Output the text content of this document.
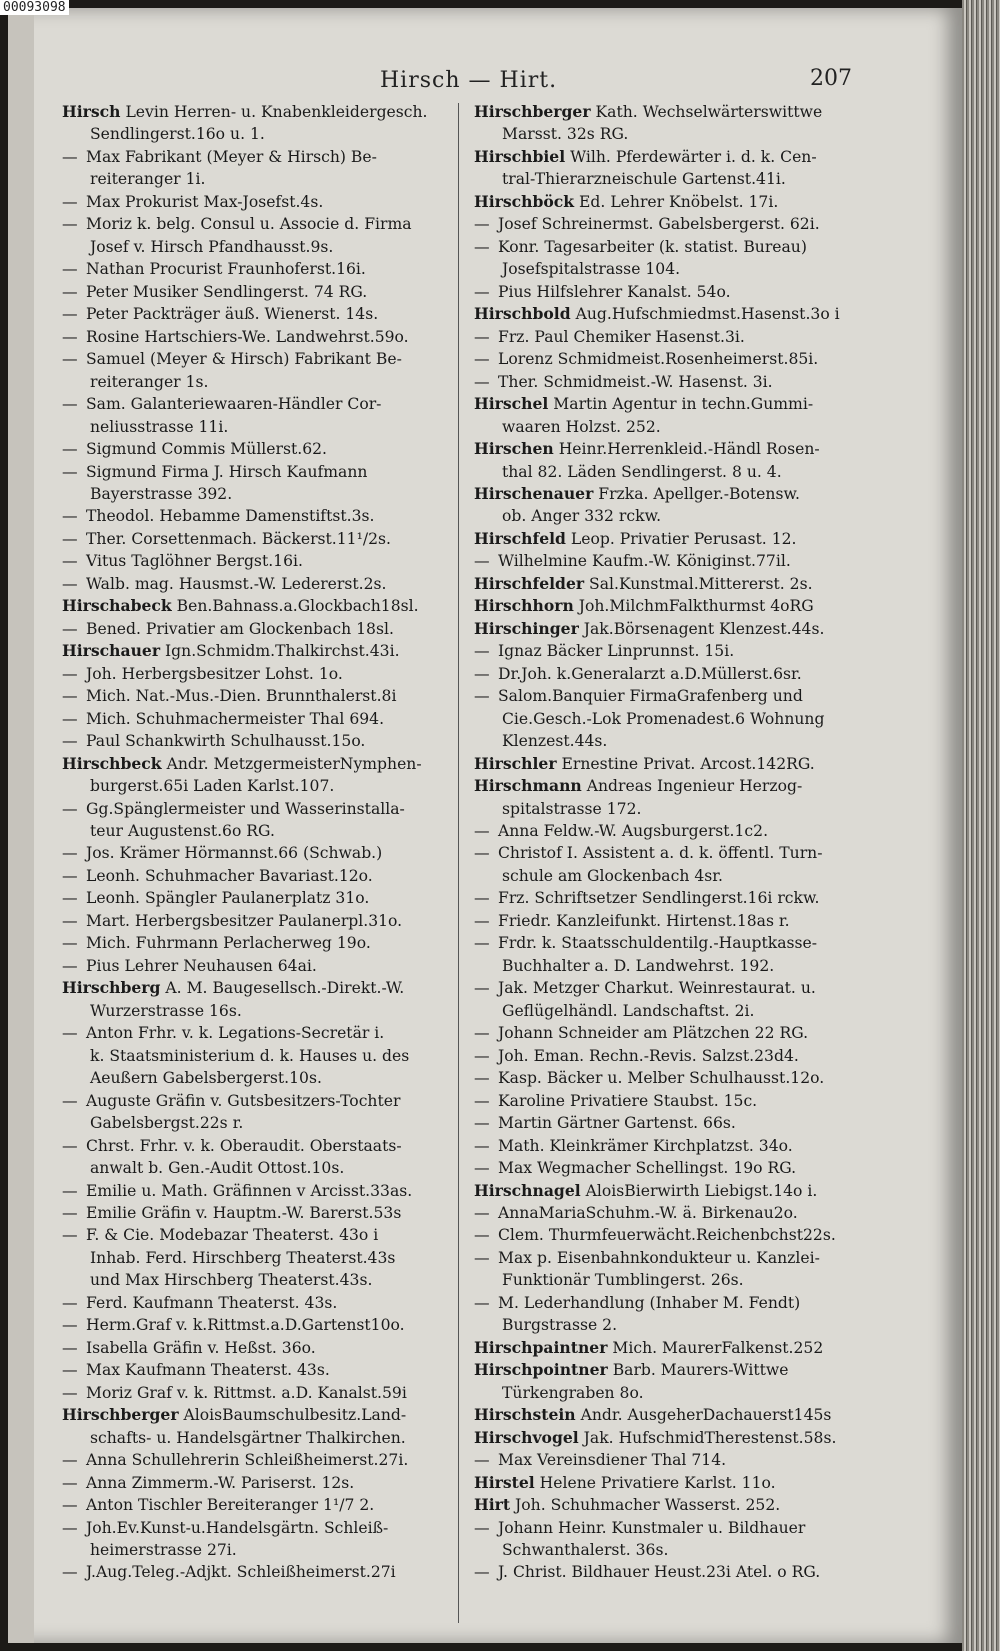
00093098
Hirsch — Hirt.	207
Hirsch Levin Herren- u. Knabenkleidergesch.
Sendlingerst.16o u. 1.
— Max Fabrikant (Meyer & Hirsch) Be-
reiteranger 1i.
— Max Prokurist Max-Josefst.4s.
— Moriz k. belg. Consul u. Associe d. Firma
Josef v. Hirsch Pfandhausst.9s.
— Nathan Procurist Fraunhoferst.16i.
— Peter Musiker Sendlingerst. 74 RG.
— Peter Packträger äuß. Wienerst. 14s.
— Rosine Hartschiers-We. Landwehrst.59o.
— Samuel (Meyer & Hirsch) Fabrikant Be-
reiteranger 1s.
— Sam. Galanteriewaaren-Händler Cor-
neliusstrasse 11i.
— Sigmund Commis Müllerst.62.
— Sigmund Firma J. Hirsch Kaufmann
Bayerstrasse 392.
— Theodol. Hebamme Damenstiftst.3s.
— Ther. Corsettenmach. Bäckerst.11¹/2s.
— Vitus Taglöhner Bergst.16i.
— Walb. mag. Hausmst.-W. Ledererst.2s.
Hirschabeck Ben.Bahnass.a.Glockbach18sl.
— Bened. Privatier am Glockenbach 18sl.
Hirschauer Ign.Schmidm.Thalkirchst.43i.
— Joh. Herbergsbesitzer Lohst. 1o.
— Mich. Nat.-Mus.-Dien. Brunnthalerst.8i
— Mich. Schuhmachermeister Thal 694.
— Paul Schankwirth Schulhausst.15o.
Hirschbeck Andr. MetzgermeisterNymphen-
burgerst.65i Laden Karlst.107.
— Gg.Spänglermeister und Wasserinstalla-
teur Augustenst.6o RG.
— Jos. Krämer Hörmannst.66 (Schwab.)
— Leonh. Schuhmacher Bavariast.12o.
— Leonh. Spängler Paulanerplatz 31o.
— Mart. Herbergsbesitzer Paulanerpl.31o.
— Mich. Fuhrmann Perlacherweg 19o.
— Pius Lehrer Neuhausen 64ai.
Hirschberg A. M. Baugesellsch.-Direkt.-W.
Wurzerstrasse 16s.
— Anton Frhr. v. k. Legations-Secretär i.
k. Staatsministerium d. k. Hauses u. des
Aeußern Gabelsbergerst.10s.
— Auguste Gräfin v. Gutsbesitzers-Tochter
Gabelsbergst.22s r.
— Chrst. Frhr. v. k. Oberaudit. Oberstaats-
anwalt b. Gen.-Audit Ottost.10s.
— Emilie u. Math. Gräfinnen v Arcisst.33as.
— Emilie Gräfin v. Hauptm.-W. Barerst.53s
— F. & Cie. Modebazar Theaterst. 43o i
Inhab. Ferd. Hirschberg Theaterst.43s
und Max Hirschberg Theaterst.43s.
— Ferd. Kaufmann Theaterst. 43s.
— Herm.Graf v. k.Rittmst.a.D.Gartenst10o.
— Isabella Gräfin v. Heßst. 36o.
— Max Kaufmann Theaterst. 43s.
— Moriz Graf v. k. Rittmst. a.D. Kanalst.59i
Hirschberger AloisBaumschulbesitz.Land-
schafts- u. Handelsgärtner Thalkirchen.
— Anna Schullehrerin Schleißheimerst.27i.
— Anna Zimmerm.-W. Pariserst. 12s.
— Anton Tischler Bereiteranger 1¹/7 2.
— Joh.Ev.Kunst-u.Handelsgärtn. Schleiß-
heimerstrasse 27i.
— J.Aug.Teleg.-Adjkt. Schleißheimerst.27i
Hirschberger Kath. Wechselwärterswittwe
Marsst. 32s RG.
Hirschbiel Wilh. Pferdewärter i. d. k. Cen-
tral-Thierarzneischule Gartenst.41i.
Hirschböck Ed. Lehrer Knöbelst. 17i.
— Josef Schreinermst. Gabelsbergerst. 62i.
— Konr. Tagesarbeiter (k. statist. Bureau)
Josefspitalstrasse 104.
— Pius Hilfslehrer Kanalst. 54o.
Hirschbold Aug.Hufschmiedmst.Hasenst.3o i
— Frz. Paul Chemiker Hasenst.3i.
— Lorenz Schmidmeist.Rosenheimerst.85i.
— Ther. Schmidmeist.-W. Hasenst. 3i.
Hirschel Martin Agentur in techn.Gummi-
waaren Holzst. 252.
Hirschen Heinr.Herrenkleid.-Händl Rosen-
thal 82. Läden Sendlingerst. 8 u. 4.
Hirschenauer Frzka. Apellger.-Botensw.
ob. Anger 332 rckw.
Hirschfeld Leop. Privatier Perusast. 12.
— Wilhelmine Kaufm.-W. Königinst.77il.
Hirschfelder Sal.Kunstmal.Mittererst. 2s.
Hirschhorn Joh.MilchmFalkthurmst 4oRG
Hirschinger Jak.Börsenagent Klenzest.44s.
— Ignaz Bäcker Linprunnst. 15i.
— Dr.Joh. k.Generalarzt a.D.Müllerst.6sr.
— Salom.Banquier FirmaGrafenberg und
Cie.Gesch.-Lok Promenadest.6 Wohnung
Klenzest.44s.
Hirschler Ernestine Privat. Arcost.142RG.
Hirschmann Andreas Ingenieur Herzog-
spitalstrasse 172.
— Anna Feldw.-W. Augsburgerst.1c2.
— Christof I. Assistent a. d. k. öffentl. Turn-
schule am Glockenbach 4sr.
— Frz. Schriftsetzer Sendlingerst.16i rckw.
— Friedr. Kanzleifunkt. Hirtenst.18as r.
— Frdr. k. Staatsschuldentilg.-Hauptkasse-
Buchhalter a. D. Landwehrst. 192.
— Jak. Metzger Charkut. Weinrestaurat. u.
Geflügelhändl. Landschaftst. 2i.
— Johann Schneider am Plätzchen 22 RG.
— Joh. Eman. Rechn.-Revis. Salzst.23d4.
— Kasp. Bäcker u. Melber Schulhausst.12o.
— Karoline Privatiere Staubst. 15c.
— Martin Gärtner Gartenst. 66s.
— Math. Kleinkrämer Kirchplatzst. 34o.
— Max Wegmacher Schellingst. 19o RG.
Hirschnagel AloisBierwirth Liebigst.14o i.
— AnnaMariaSchuhm.-W. ä. Birkenau2o.
— Clem. Thurmfeuerwächt.Reichenbchst22s.
— Max p. Eisenbahnkondukteur u. Kanzlei-
Funktionär Tumblingerst. 26s.
— M. Lederhandlung (Inhaber M. Fendt)
Burgstrasse 2.
Hirschpaintner Mich. MaurerFalkenst.252
Hirschpointner Barb. Maurers-Wittwe
Türkengraben 8o.
Hirschstein Andr. AusgeherDachauerst145s
Hirschvogel Jak. HufschmidTherestenst.58s.
— Max Vereinsdiener Thal 714.
Hirstel Helene Privatiere Karlst. 11o.
Hirt Joh. Schuhmacher Wasserst. 252.
— Johann Heinr. Kunstmaler u. Bildhauer
Schwanthalerst. 36s.
— J. Christ. Bildhauer Heust.23i Atel. o RG.
